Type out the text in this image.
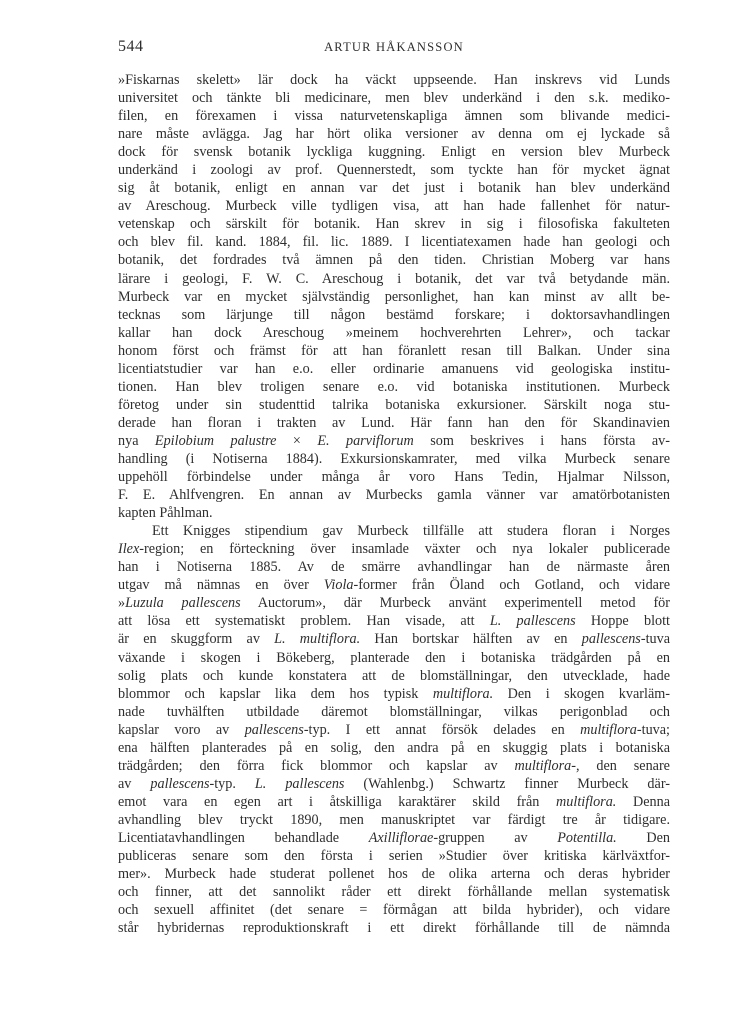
544	ARTUR HÅKANSSON
»Fiskarnas skelett» lär dock ha väckt uppseende. Han inskrevs vid Lunds
universitet och tänkte bli medicinare, men blev underkänd i den s.k. mediko-
filen, en förexamen i vissa naturvetenskapliga ämnen som blivande medici-
nare måste avlägga. Jag har hört olika versioner av denna om ej lyckade så
dock för svensk botanik lyckliga kuggning. Enligt en version blev Murbeck
underkänd i zoologi av prof. Quennerstedt, som tyckte han för mycket ägnat
sig åt botanik, enligt en annan var det just i botanik han blev underkänd
av Areschoug. Murbeck ville tydligen visa, att han hade fallenhet för natur-
vetenskap och särskilt för botanik. Han skrev in sig i filosofiska fakulteten
och blev fil. kand. 1884, fil. lic. 1889. I licentiatexamen hade han geologi och
botanik, det fordrades två ämnen på den tiden. Christian Moberg var hans
lärare i geologi, F. W. C. Areschoug i botanik, det var två betydande män.
Murbeck var en mycket självständig personlighet, han kan minst av allt be-
tecknas som lärjunge till någon bestämd forskare; i doktorsavhandlingen
kallar han dock Areschoug »meinem hochverehrten Lehrer», och tackar
honom först och främst för att han föranlett resan till Balkan. Under sina
licentiatstudier var han e.o. eller ordinarie amanuens vid geologiska institu-
tionen. Han blev troligen senare e.o. vid botaniska institutionen. Murbeck
företog under sin studenttid talrika botaniska exkursioner. Särskilt noga stu-
derade han floran i trakten av Lund. Här fann han den för Skandinavien
nya Epilobium palustre × E. parviflorum som beskrives i hans första av-
handling (i Notiserna 1884). Exkursionskamrater, med vilka Murbeck senare
uppehöll förbindelse under många år voro Hans Tedin, Hjalmar Nilsson,
F. E. Ahlfvengren. En annan av Murbecks gamla vänner var amatörbotanisten
kapten Påhlman.
Ett Knigges stipendium gav Murbeck tillfälle att studera floran i Norges
Ilex-region; en förteckning över insamlade växter och nya lokaler publicerade
han i Notiserna 1885. Av de smärre avhandlingar han de närmaste åren
utgav må nämnas en över Viola-former från Öland och Gotland, och vidare
»Luzula pallescens Auctorum», där Murbeck använt experimentell metod för
att lösa ett systematiskt problem. Han visade, att L. pallescens Hoppe blott
är en skuggform av L. multiflora. Han bortskar hälften av en pallescens-tuva
växande i skogen i Bökeberg, planterade den i botaniska trädgården på en
solig plats och kunde konstatera att de blomställningar, den utvecklade, hade
blommor och kapslar lika dem hos typisk multiflora. Den i skogen kvarläm-
nade tuvhälften utbildade däremot blomställningar, vilkas perigonblad och
kapslar voro av pallescens-typ. I ett annat försök delades en multiflora-tuva;
ena hälften planterades på en solig, den andra på en skuggig plats i botaniska
trädgården; den förra fick blommor och kapslar av multiflora-, den senare
av pallescens-typ. L. pallescens (Wahlenbg.) Schwartz finner Murbeck där-
emot vara en egen art i åtskilliga karaktärer skild från multiflora. Denna
avhandling blev tryckt 1890, men manuskriptet var färdigt tre år tidigare.
Licentiatavhandlingen behandlade Axilliflorae-gruppen av Potentilla. Den
publiceras senare som den första i serien »Studier över kritiska kärlväxtfor-
mer». Murbeck hade studerat pollenet hos de olika arterna och deras hybrider
och finner, att det sannolikt råder ett direkt förhållande mellan systematisk
och sexuell affinitet (det senare = förmågan att bilda hybrider), och vidare
står hybridernas reproduktionskraft i ett direkt förhållande till de nämnda
